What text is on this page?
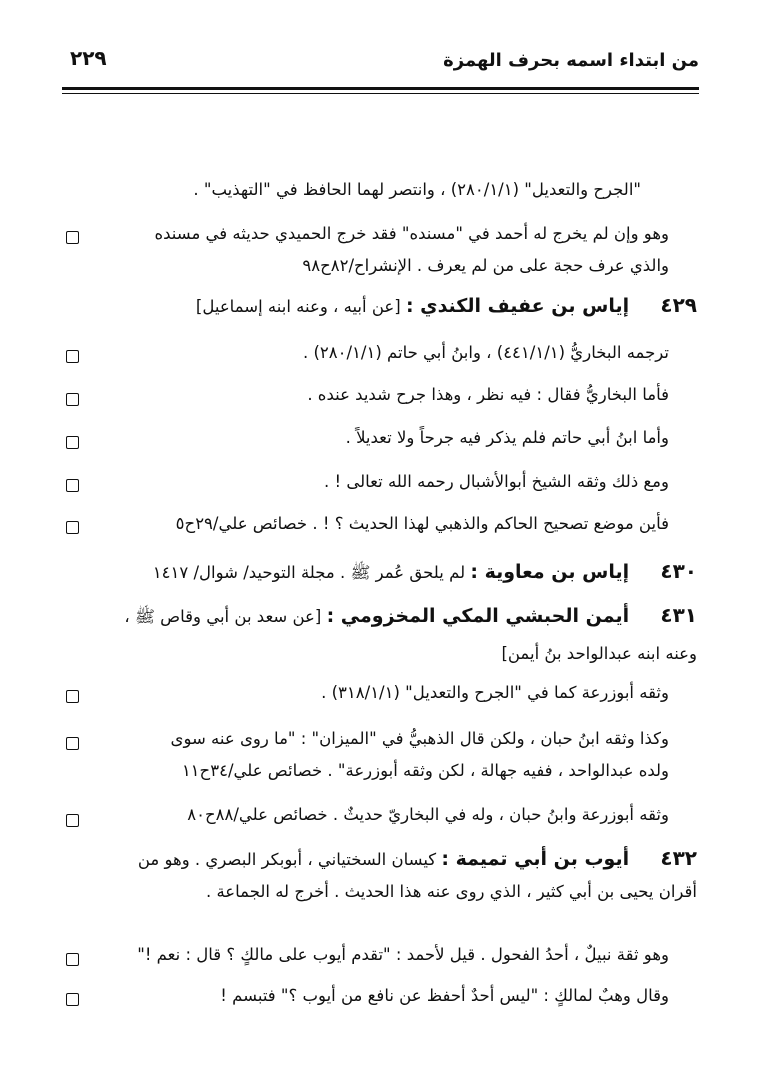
من ابتداء اسمه بحرف الهمزة
٢٢٩
"الجرح والتعديل" (٢٨٠/١/١) ، وانتصر لهما الحافظ في "التهذيب" .
وهو وإن لم يخرج له أحمد في "مسنده" فقد خرج الحميدي حديثه في مسنده
والذي عرف حجة على من لم يعرف . الإنشراح/٨٢ح٩٨
٤٢٩ إياس بن عفيف الكندي : [عن أبيه ، وعنه ابنه إسماعيل]
ترجمه البخاريُّ (٤٤١/١/١) ، وابنُ أبي حاتم (٢٨٠/١/١) .
فأما البخاريُّ فقال : فيه نظر ، وهذا جرح شديد عنده .
وأما ابنُ أبي حاتم فلم يذكر فيه جرحاً ولا تعديلاً .
ومع ذلك وثقه الشيخ أبوالأشبال رحمه الله تعالى ! .
فأين موضع تصحيح الحاكم والذهبي لهذا الحديث ؟ ! . خصائص علي/٢٩ح٥
٤٣٠ إياس بن معاوية : لم يلحق عُمر ﷺ . مجلة التوحيد/ شوال/ ١٤١٧
٤٣١ أيمن الحبشي المكي المخزومي : [عن سعد بن أبي وقاص ﷺ ،
وعنه ابنه عبدالواحد بنُ أيمن]
وثقه أبوزرعة كما في "الجرح والتعديل" (٣١٨/١/١) .
وكذا وثقه ابنُ حبان ، ولكن قال الذهبيُّ في "الميزان" : "ما روى عنه سوى
ولده عبدالواحد ، ففيه جهالة ، لكن وثقه أبوزرعة" . خصائص علي/٣٤ح١١
وثقه أبوزرعة وابنُ حبان ، وله في البخاريّ حديثٌ . خصائص علي/٨٨ح٨٠
٤٣٢ أيوب بن أبي تميمة : كيسان السختياني ، أبوبكر البصري . وهو من
أقران يحيى بن أبي كثير ، الذي روى عنه هذا الحديث . أخرج له الجماعة .
وهو ثقة نبيلٌ ، أحدُ الفحول . قيل لأحمد : "تقدم أيوب على مالكٍ ؟ قال : نعم !"
وقال وهبٌ لمالكٍ : "ليس أحدٌ أحفظ عن نافع من أيوب ؟" فتبسم !
